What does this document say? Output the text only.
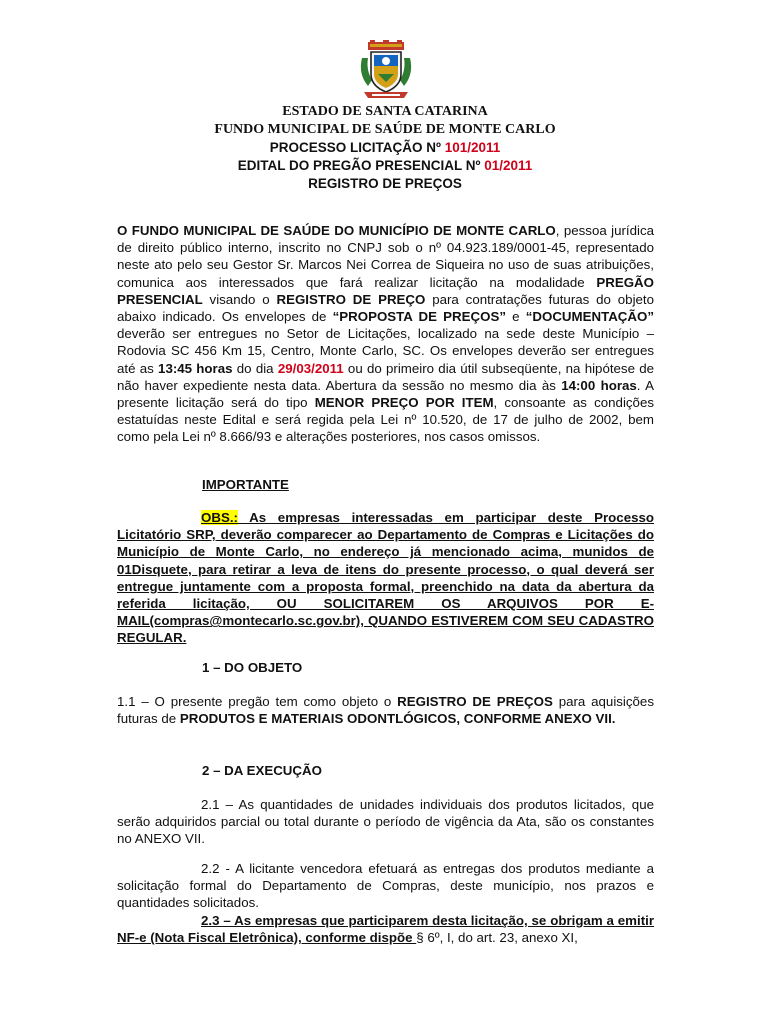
ESTADO DE SANTA CATARINA
FUNDO MUNICIPAL DE SAÚDE DE MONTE CARLO
PROCESSO LICITAÇÃO Nº 101/2011
EDITAL DO PREGÃO PRESENCIAL Nº 01/2011
REGISTRO DE PREÇOS
O FUNDO MUNICIPAL DE SAÚDE DO MUNICÍPIO DE MONTE CARLO, pessoa jurídica de direito público interno, inscrito no CNPJ sob o nº 04.923.189/0001-45, representado neste ato pelo seu Gestor Sr. Marcos Nei Correa de Siqueira no uso de suas atribuições, comunica aos interessados que fará realizar licitação na modalidade PREGÃO PRESENCIAL visando o REGISTRO DE PREÇO para contratações futuras do objeto abaixo indicado. Os envelopes de “PROPOSTA DE PREÇOS” e “DOCUMENTAÇÃO” deverão ser entregues no Setor de Licitações, localizado na sede deste Município – Rodovia SC 456 Km 15, Centro, Monte Carlo, SC. Os envelopes deverão ser entregues até as 13:45 horas do dia 29/03/2011 ou do primeiro dia útil subseqüente, na hipótese de não haver expediente nesta data. Abertura da sessão no mesmo dia às 14:00 horas. A presente licitação será do tipo MENOR PREÇO POR ITEM, consoante as condições estatuídas neste Edital e será regida pela Lei nº 10.520, de 17 de julho de 2002, bem como pela Lei nº 8.666/93 e alterações posteriores, nos casos omissos.
IMPORTANTE
OBS.: As empresas interessadas em participar deste Processo Licitatório SRP, deverão comparecer ao Departamento de Compras e Licitações do Município de Monte Carlo, no endereço já mencionado acima, munidos de 01Disquete, para retirar a leva de itens do presente processo, o qual deverá ser entregue juntamente com a proposta formal, preenchido na data da abertura da referida licitação, OU SOLICITAREM OS ARQUIVOS POR E-MAIL(compras@montecarlo.sc.gov.br), QUANDO ESTIVEREM COM SEU CADASTRO REGULAR.
1 – DO OBJETO
1.1 – O presente pregão tem como objeto o REGISTRO DE PREÇOS para aquisições futuras de PRODUTOS E MATERIAIS ODONTLÓGICOS, CONFORME ANEXO VII.
2 – DA EXECUÇÃO
2.1 – As quantidades de unidades individuais dos produtos licitados, que serão adquiridos parcial ou total durante o período de vigência da Ata, são os constantes no ANEXO VII.
2.2 - A licitante vencedora efetuará as entregas dos produtos mediante a solicitação formal do Departamento de Compras, deste município, nos prazos e quantidades solicitados.
2.3 – As empresas que participarem desta licitação, se obrigam a emitir NF-e (Nota Fiscal Eletrônica), conforme dispõe § 6º, I, do art. 23, anexo XI,
